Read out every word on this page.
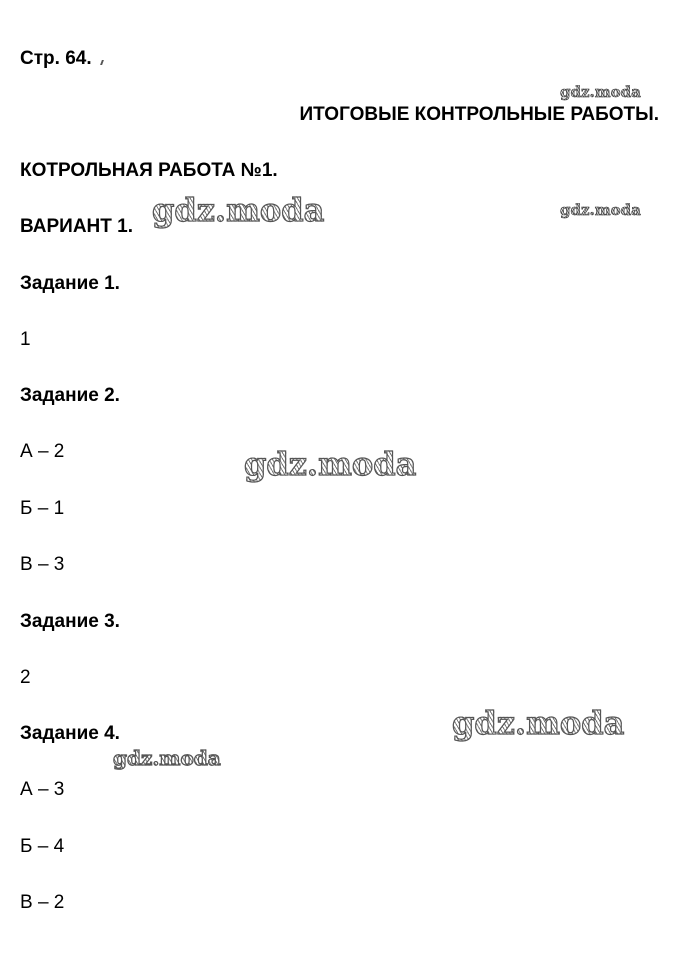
Стр. 64.
ИТОГОВЫЕ КОНТРОЛЬНЫЕ РАБОТЫ.
КОТРОЛЬНАЯ РАБОТА №1.
ВАРИАНТ 1.
Задание 1.
1
Задание 2.
А – 2
Б – 1
В – 3
Задание 3.
2
Задание 4.
А – 3
Б – 4
В – 2
gdz.moda
gdz.moda	gdz.moda
gdz.moda
gdz.moda
gdz.moda
